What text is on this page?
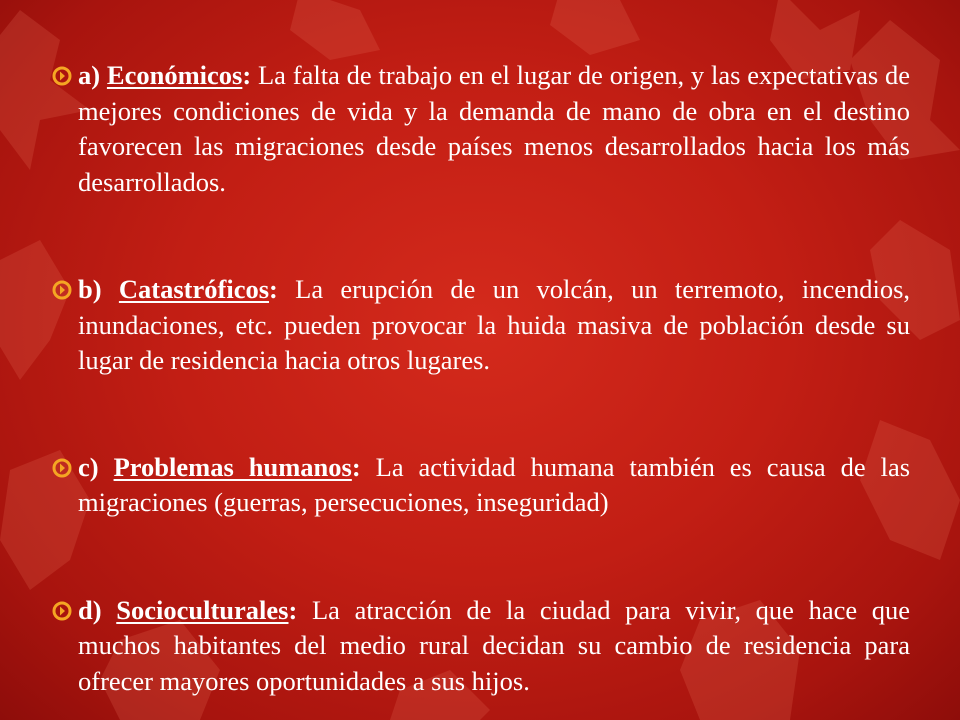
a) Económicos: La falta de trabajo en el lugar de origen, y las expectativas de mejores condiciones de vida y la demanda de mano de obra en el destino favorecen las migraciones desde países menos desarrollados hacia los más desarrollados.
b) Catastróficos: La erupción de un volcán, un terremoto, incendios, inundaciones, etc. pueden provocar la huida masiva de población desde su lugar de residencia hacia otros lugares.
c) Problemas humanos: La actividad humana también es causa de las migraciones (guerras, persecuciones, inseguridad)
d) Socioculturales: La atracción de la ciudad para vivir, que hace que muchos habitantes del medio rural decidan su cambio de residencia para ofrecer mayores oportunidades a sus hijos.
